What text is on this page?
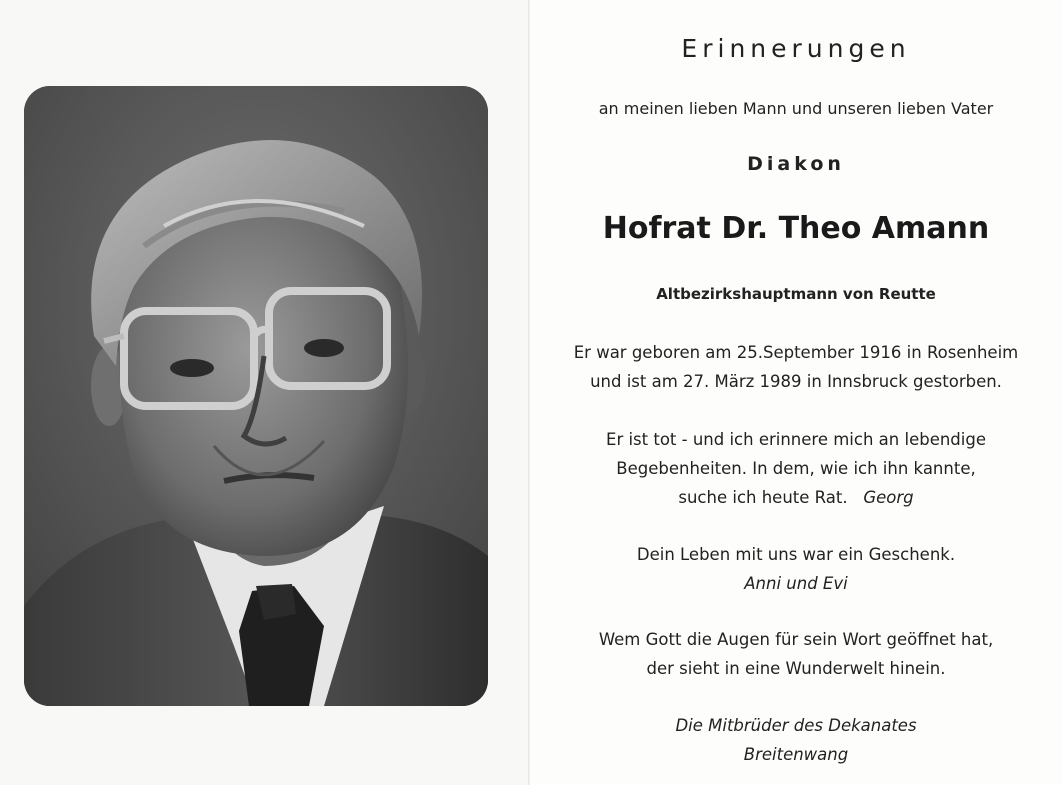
Erinnerungen

an meinen lieben Mann und unseren lieben Vater

Diakon

Hofrat Dr. Theo Amann

Altbezirkshauptmann von Reutte

Er war geboren am 25.September 1916 in Rosenheim
und ist am 27. März 1989 in Innsbruck gestorben.
Er ist tot - und ich erinnere mich an lebendige
Begebenheiten. In dem, wie ich ihn kannte,
suche ich heute Rat. Georg
Dein Leben mit uns war ein Geschenk.
Anni und Evi
Wem Gott die Augen für sein Wort geöffnet hat,
der sieht in eine Wunderwelt hinein.
Die Mitbrüder des Dekanates
Breitenwang
